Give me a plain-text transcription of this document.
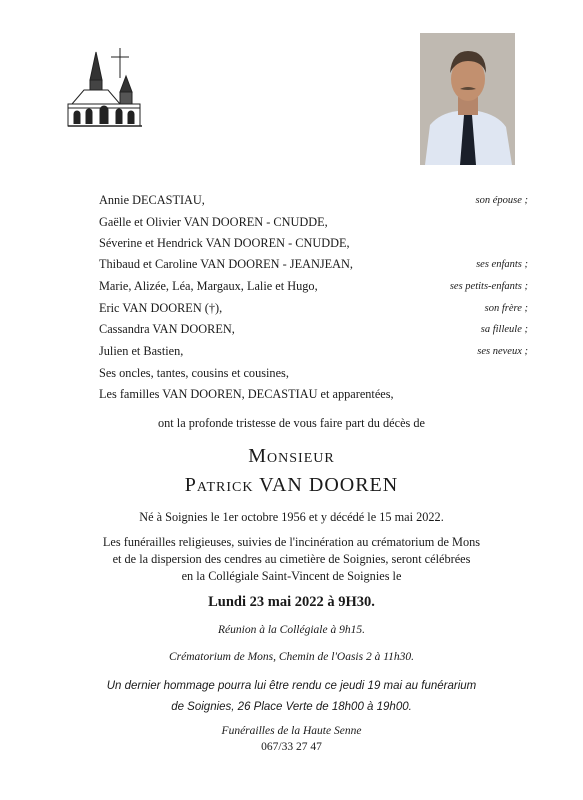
Annie DECASTIAU,	son épouse ;
Gaëlle et Olivier VAN DOOREN - CNUDDE,
Séverine et Hendrick VAN DOOREN - CNUDDE,
Thibaud et Caroline VAN DOOREN - JEANJEAN,	ses enfants ;
Marie, Alizée, Léa, Margaux, Lalie et Hugo,	ses petits-enfants ;
Eric VAN DOOREN (†),	son frère ;
Cassandra VAN DOOREN,	sa filleule ;
Julien et Bastien,	ses neveux ;
Ses oncles, tantes, cousins et cousines,
Les familles VAN DOOREN, DECASTIAU et apparentées,
ont la profonde tristesse de vous faire part du décès de
Monsieur
Patrick VAN DOOREN
Né à Soignies le 1er octobre 1956 et y décédé le 15 mai 2022.
Les funérailles religieuses, suivies de l'incinération au crématorium de Mons
et de la dispersion des cendres au cimetière de Soignies, seront célébrées
en la Collégiale Saint-Vincent de Soignies le
Lundi 23 mai 2022 à 9H30.
Réunion à la Collégiale à 9h15.
Crématorium de Mons, Chemin de l'Oasis 2 à 11h30.
Un dernier hommage pourra lui être rendu ce jeudi 19 mai au funérarium
de Soignies, 26 Place Verte de 18h00 à 19h00.
Funérailles de la Haute Senne
067/33 27 47
